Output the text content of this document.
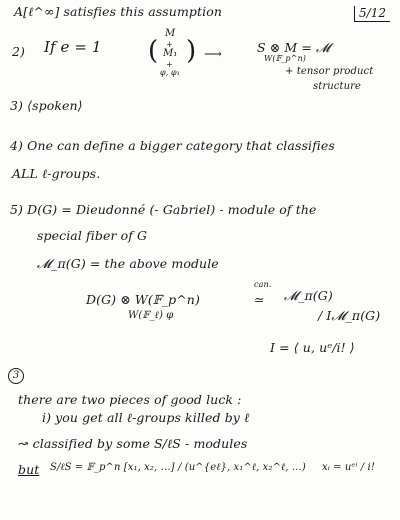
A[ℓ^∞] satisfies this assumption	5/12
2) If e = 1 (
M
+
M₁
+
φ, φ₁
) ⟶	S ⊗ M = 𝓜
W(𝔽_p^n)
+ tensor product
structure
3) ⟨spoken⟩
4) One can define a bigger category that classifies
ALL ℓ-groups.
5) D(G) = Dieudonné (- Gabriel) - module of the
special fiber of G
𝓜_π(G) = the above module
D(G) ⊗ W(𝔽_p^n)
W(𝔽_ℓ) φ
can.
≃ 𝓜_π(G)
/ I𝓜_π(G)
I = ⟨ u, uᵉ/i! ⟩
3
there are two pieces of good luck :
i) you get all ℓ-groups killed by ℓ
↝ classified by some S/ℓS - modules
but S/ℓS = 𝔽_p^n [x₁, x₂, …] / (u^{eℓ}, x₁^ℓ, x₂^ℓ, …) xᵢ = uᵉⁱ / i!
